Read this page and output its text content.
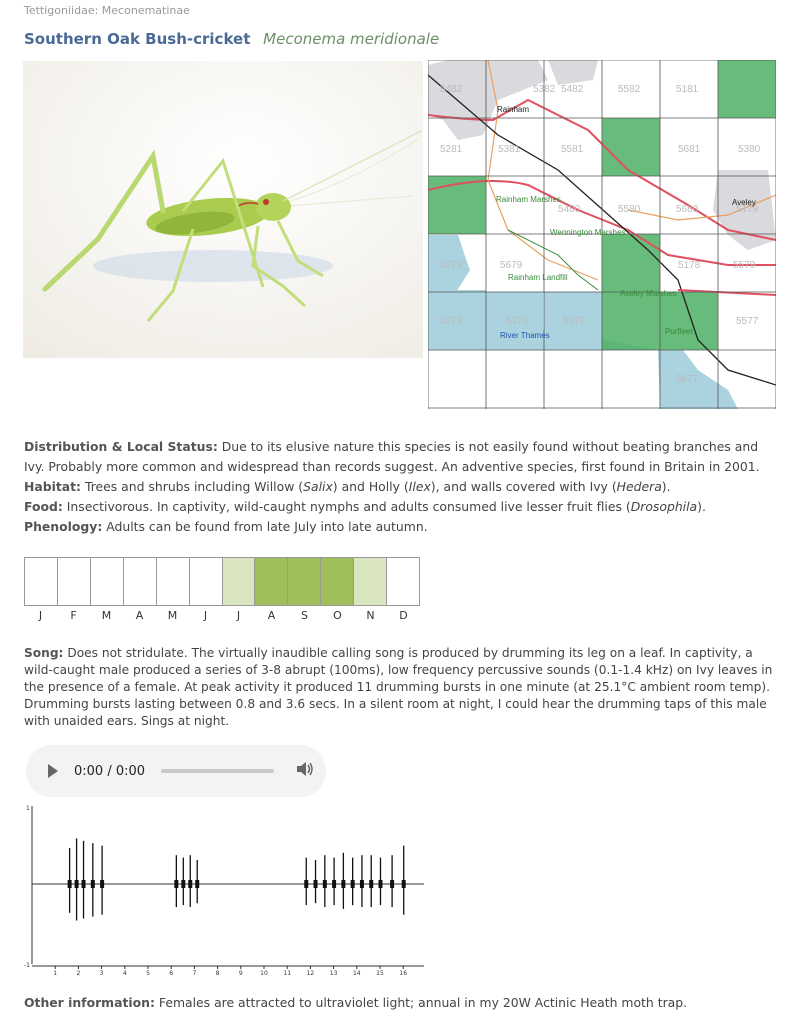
Tettigoniidae: Meconematinae
Southern Oak Bush-cricket Meconema meridionale
5482	5382 5482	5582	5181
5281	5381	5581	5681	5380
5480	5580	5680	5179
5279	5679	5579
5178
5278	5378	5678	5577
5677
Rainham
Rainham Marshes
Wennington Marshes
Rainham Landfill
Aveley Marshes
Aveley
Purfleet
River Thames

Distribution & Local Status: Due to its elusive nature this species is not easily found without beating branches and Ivy. Probably more common and widespread than records suggest. An adventive species, first found in Britain in 2001.

Habitat: Trees and shrubs including Willow (Salix) and Holly (Ilex), and walls covered with Ivy (Hedera).

Food: Insectivorous. In captivity, wild-caught nymphs and adults consumed live lesser fruit flies (Drosophila).

Phenology: Adults can be found from late July into late autumn.

J	F	M	A	M	J	J	A	S	O	N	D

Song: Does not stridulate. The virtually inaudible calling song is produced by drumming its leg on a leaf. In captivity, a wild-caught male produced a series of 3-8 abrupt (100ms), low frequency percussive sounds (0.1-1.4 kHz) on Ivy leaves in the presence of a female. At peak activity it produced 11 drumming bursts in one minute (at 25.1°C ambient room temp). Drumming bursts lasting between 0.8 and 3.6 secs. In a silent room at night, I could hear the drumming taps of this male with unaided ears. Sings at night.

0:00 / 0:00
1
-1
1	2	3	4	5	6	7	8	9	10	11	12	13	14	15	16

Other information: Females are attracted to ultraviolet light; annual in my 20W Actinic Heath moth trap.
